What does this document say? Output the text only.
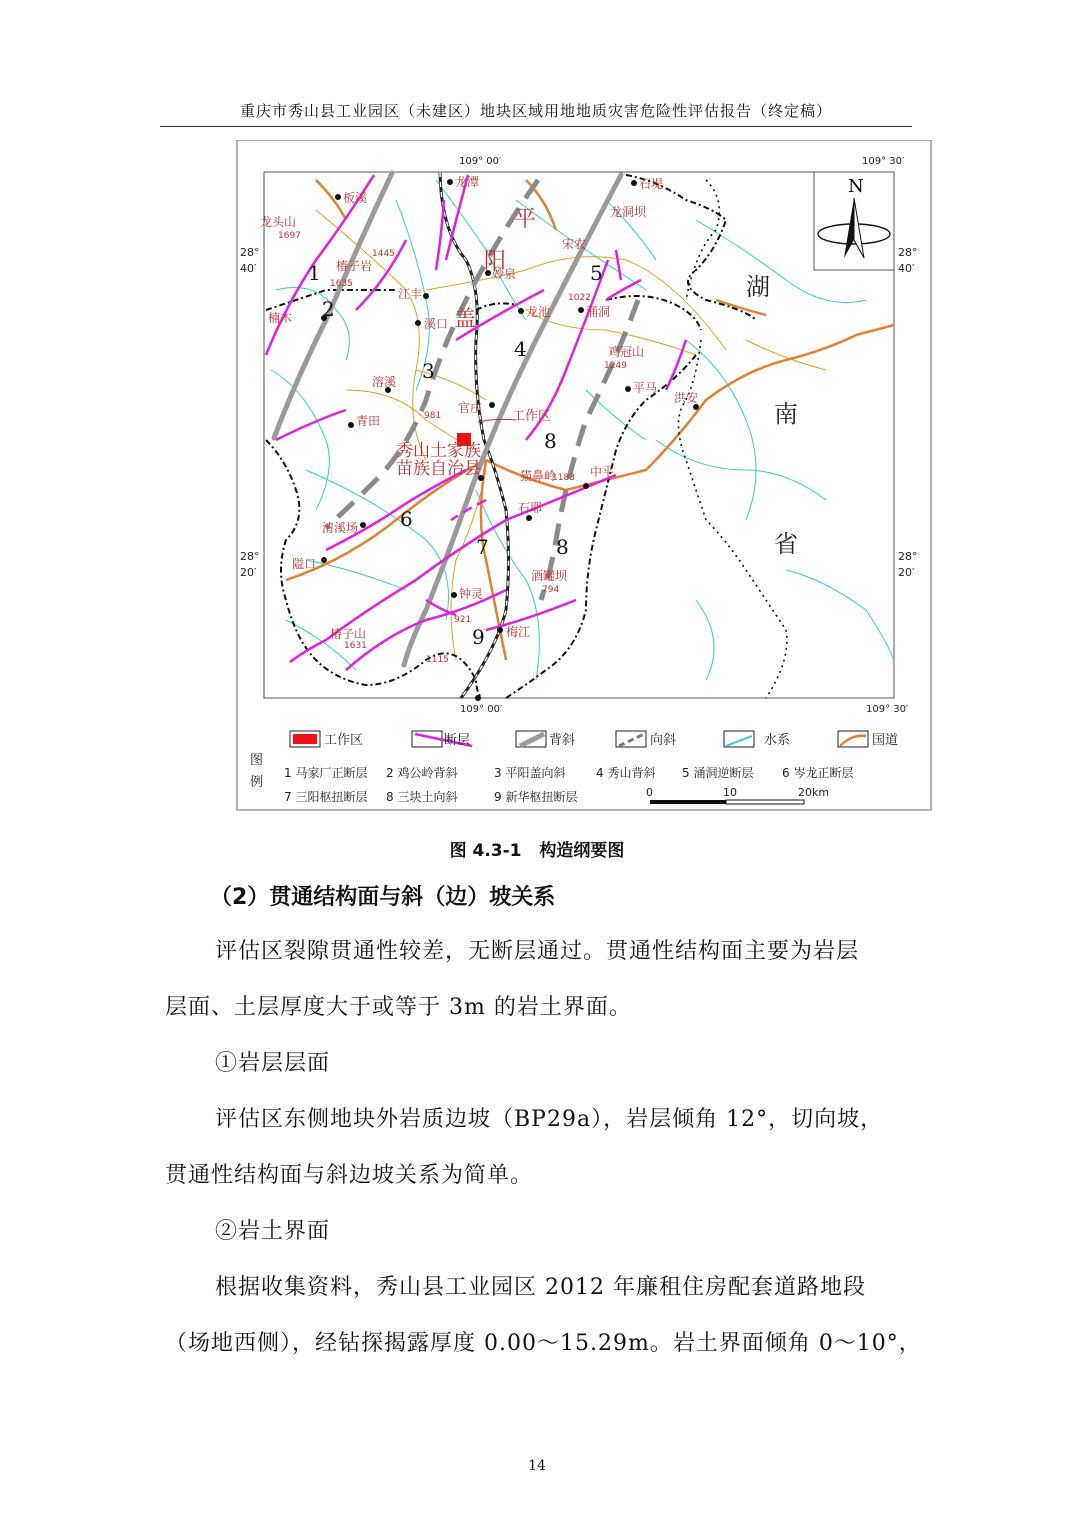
重庆市秀山县工业园区（未建区）地块区域用地地质灾害危险性评估报告（终定稿）
N
109° 00′	109° 30′
109° 00′	109° 30′
28°
40′
28°
40′
28°
20′
28°
20′
湖
南
省
平
阳
盖
1
2
3
4
5
6
7
8
8
9
板溪
龙潭	石堤
龙洞坝
龙头山
1697
1445
椿子岩
1635
宋农
妙泉
江丰
溪口
龙池
1022
涌洞
楠木
鸡冠山
1249
溶溪	平马
洪安
981
官庄
工作区
青田
秀山土家族
苗族自治县	猫鼻岭
1183 中平
石耶
清溪场
隘口
酒罐坝
794
钟灵
921
梅江
椿子山
1631
1115
图
例
工作区	断层	背斜	向斜	水系	国道
1 马家厂正断层 2 鸡公岭背斜	3 平阳盖向斜	4 秀山背斜 5 涌洞逆断层 6 岑龙正断层
7 三阳枢扭断层 8 三块土向斜	9 新华枢扭断层	0	10	20km
图 4.3-1 构造纲要图
（2）贯通结构面与斜（边）坡关系
评估区裂隙贯通性较差，无断层通过。贯通性结构面主要为岩层
层面、土层厚度大于或等于 3m 的岩土界面。
①岩层层面
评估区东侧地块外岩质边坡（BP29a），岩层倾角 12°，切向坡，
贯通性结构面与斜边坡关系为简单。
②岩土界面
根据收集资料，秀山县工业园区 2012 年廉租住房配套道路地段
（场地西侧），经钻探揭露厚度 0.00～15.29m。岩土界面倾角 0～10°，
14
